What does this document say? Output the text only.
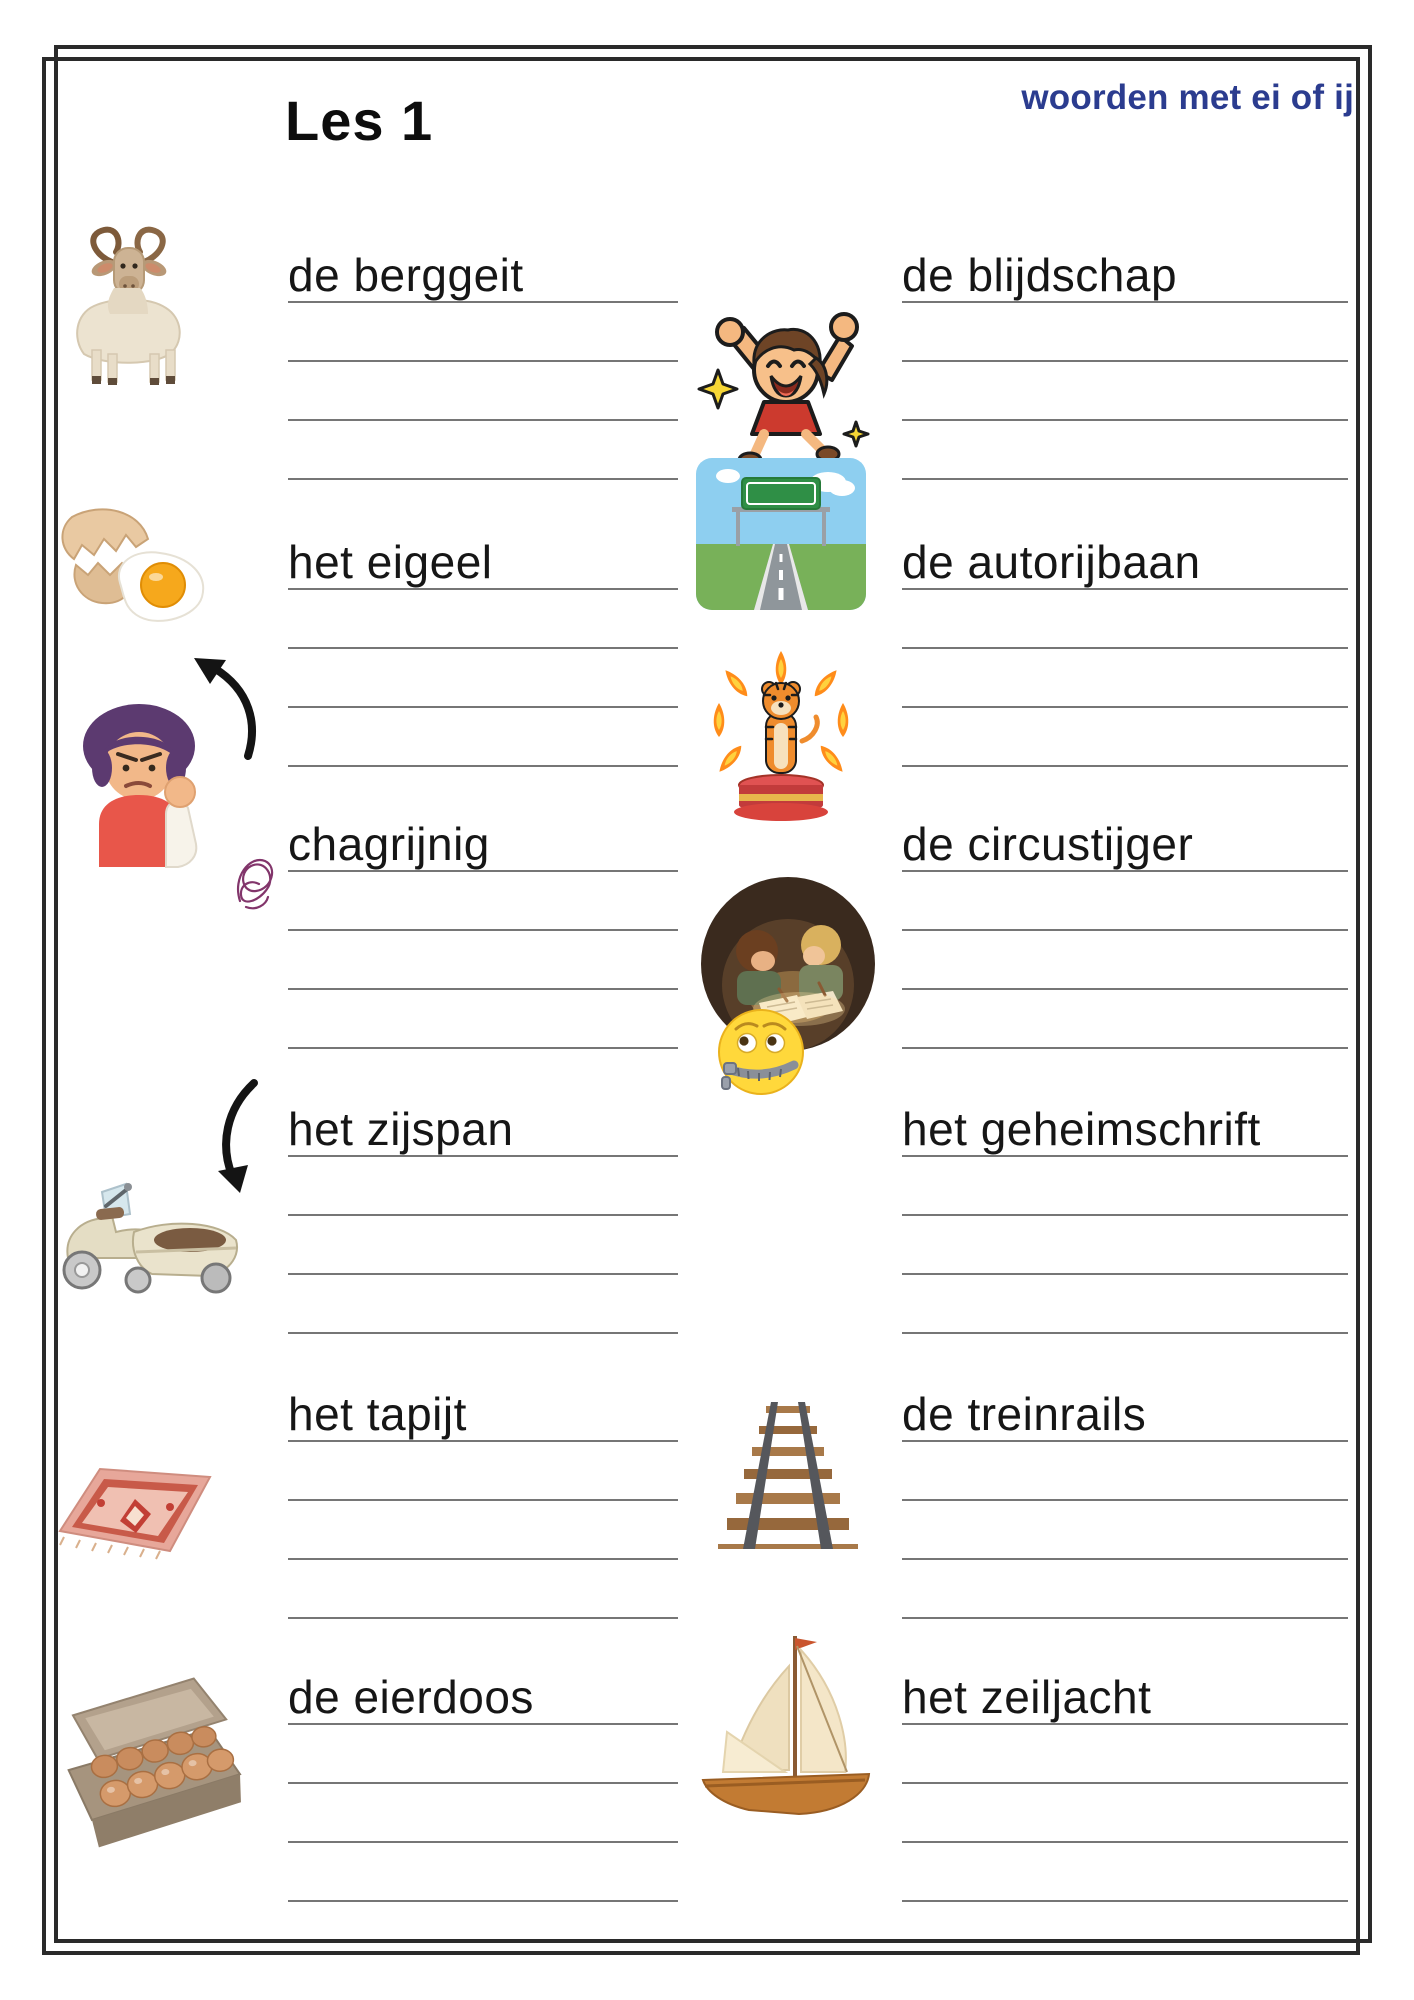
Les 1	woorden met ei of ij
de berggeit	de blijdschap
het eigeel	de autorijbaan
chagrijnig	de circustijger
het zijspan	het geheimschrift
het tapijt	de treinrails
de eierdoos	het zeiljacht
